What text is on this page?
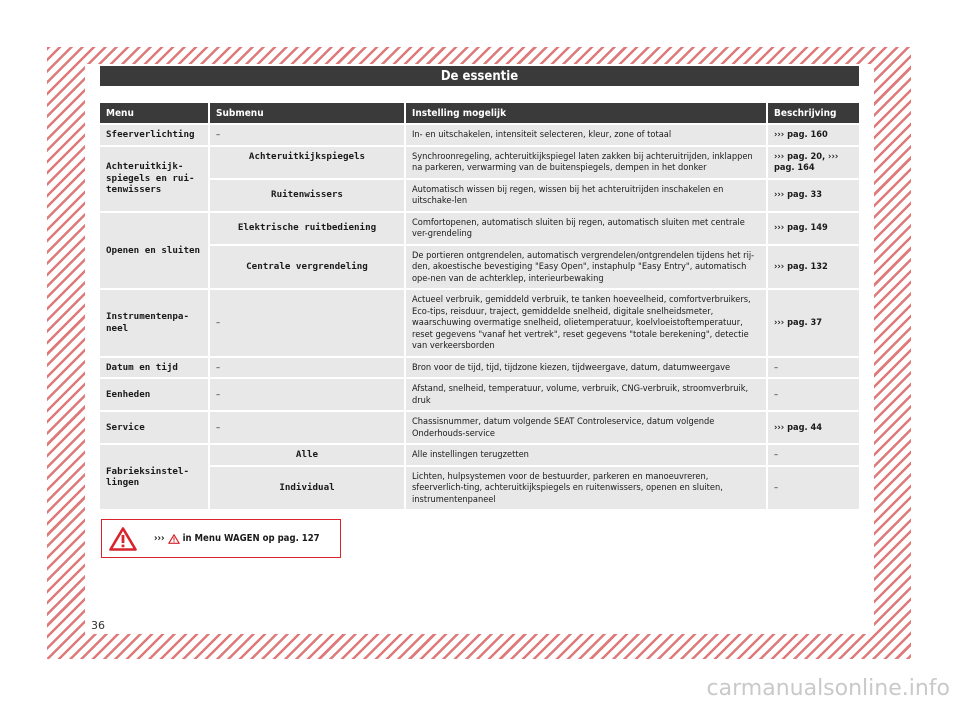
De essentie
Menu	Submenu	Instelling mogelijk	Beschrijving
Sfeerverlichting	–	In- en uitschakelen, intensiteit selecteren, kleur, zone of totaal	››› pag. 160
Achteruitkijk-spiegels en rui-tenwissers	Achteruitkijkspiegels	Synchroonregeling, achteruitkijkspiegel laten zakken bij achteruitrijden, inklappen na parkeren, verwarming van de buitenspiegels, dempen in het donker	››› pag. 20, ››› pag. 164
	Ruitenwissers	Automatisch wissen bij regen, wissen bij het achteruitrijden inschakelen en uitschake-len	››› pag. 33
Openen en sluiten	Elektrische ruitbediening	Comfortopenen, automatisch sluiten bij regen, automatisch sluiten met centrale ver-grendeling	››› pag. 149
	Centrale vergrendeling	De portieren ontgrendelen, automatisch vergrendelen/ontgrendelen tijdens het rij-den, akoestische bevestiging "Easy Open", instaphulp "Easy Entry", automatisch ope-nen van de achterklep, interieurbewaking	››› pag. 132
Instrumentenpa-neel	–	Actueel verbruik, gemiddeld verbruik, te tanken hoeveelheid, comfortverbruikers, Eco-tips, reisduur, traject, gemiddelde snelheid, digitale snelheidsmeter, waarschuwing overmatige snelheid, olietemperatuur, koelvloeistoftemperatuur, reset gegevens "vanaf het vertrek", reset gegevens "totale berekening", detectie van verkeersborden	››› pag. 37
Datum en tijd	–	Bron voor de tijd, tijd, tijdzone kiezen, tijdweergave, datum, datumweergave	–
Eenheden	–	Afstand, snelheid, temperatuur, volume, verbruik, CNG-verbruik, stroomverbruik, druk	–
Service	–	Chassisnummer, datum volgende SEAT Controleservice, datum volgende Onderhouds-service	››› pag. 44
Fabrieksinstel-lingen	Alle	Alle instellingen terugzetten	–
	Individual	Lichten, hulpsystemen voor de bestuurder, parkeren en manoeuvreren, sfeerverlich-ting, achteruitkijkspiegels en ruitenwissers, openen en sluiten, instrumentenpaneel	–
››› in Menu WAGEN op pag. 127
36
carmanualsonline.info
